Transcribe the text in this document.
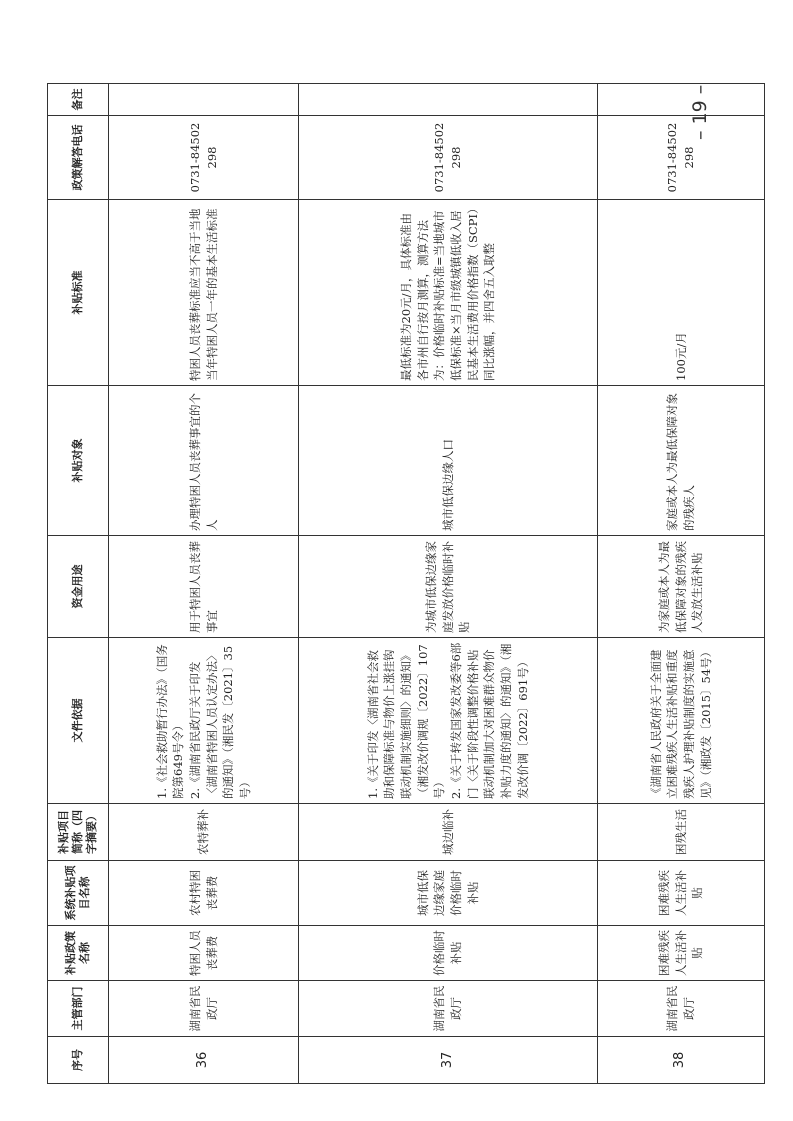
序号	主管部门	补贴政策名称	系统补贴项目名称	补贴项目简称（四字摘要）	文件依据	资金用途	补贴对象	补贴标准	政策解答电话	备注
36	湖南省民政厅	特困人员丧葬费	农村特困丧葬费	农特葬补	1.《社会救助暂行办法》（国务院第649号令） 2.《湖南省民政厅关于印发〈湖南省特困人员认定办法〉的通知》（湘民发〔2021〕35号）	用于特困人员丧葬事宜	办理特困人员丧葬事宜的个人	特困人员丧葬标准应当不高于当地当年特困人员一年的基本生活标准	0731-84502298	
37	湖南省民政厅	价格临时补贴	城市低保边缘家庭价格临时补贴	城边临补	1.《关于印发〈湖南省社会救助和保障标准与物价上涨挂钩联动机制实施细则〉的通知》（湘发改价调规〔2022〕107号） 2.《关于转发国家发改委等6部门〈关于阶段性调整价格补贴联动机制加大对困难群众物价补贴力度的通知〉的通知》（湘发改价调〔2022〕691号）	为城市低保边缘家庭发放价格临时补贴	城市低保边缘人口	最低标准为20元/月，具体标准由各市州自行按月测算，测算方法为：价格临时补贴标准=当地城市低保标准×当月市级城镇低收入居民基本生活费用价格指数（SCPI）同比涨幅，并四舍五入取整	0731-84502298	
38	湖南省民政厅	困难残疾人生活补贴	困难残疾人生活补贴	困残生活	《湖南省人民政府关于全面建立困难残疾人生活补贴和重度残疾人护理补贴制度的实施意见》（湘政发〔2015〕54号）	为家庭或本人为最低保障对象的残疾人发放生活补贴	家庭或本人为最低保障对象的残疾人	100元/月	0731-84502298	
– 19 –
